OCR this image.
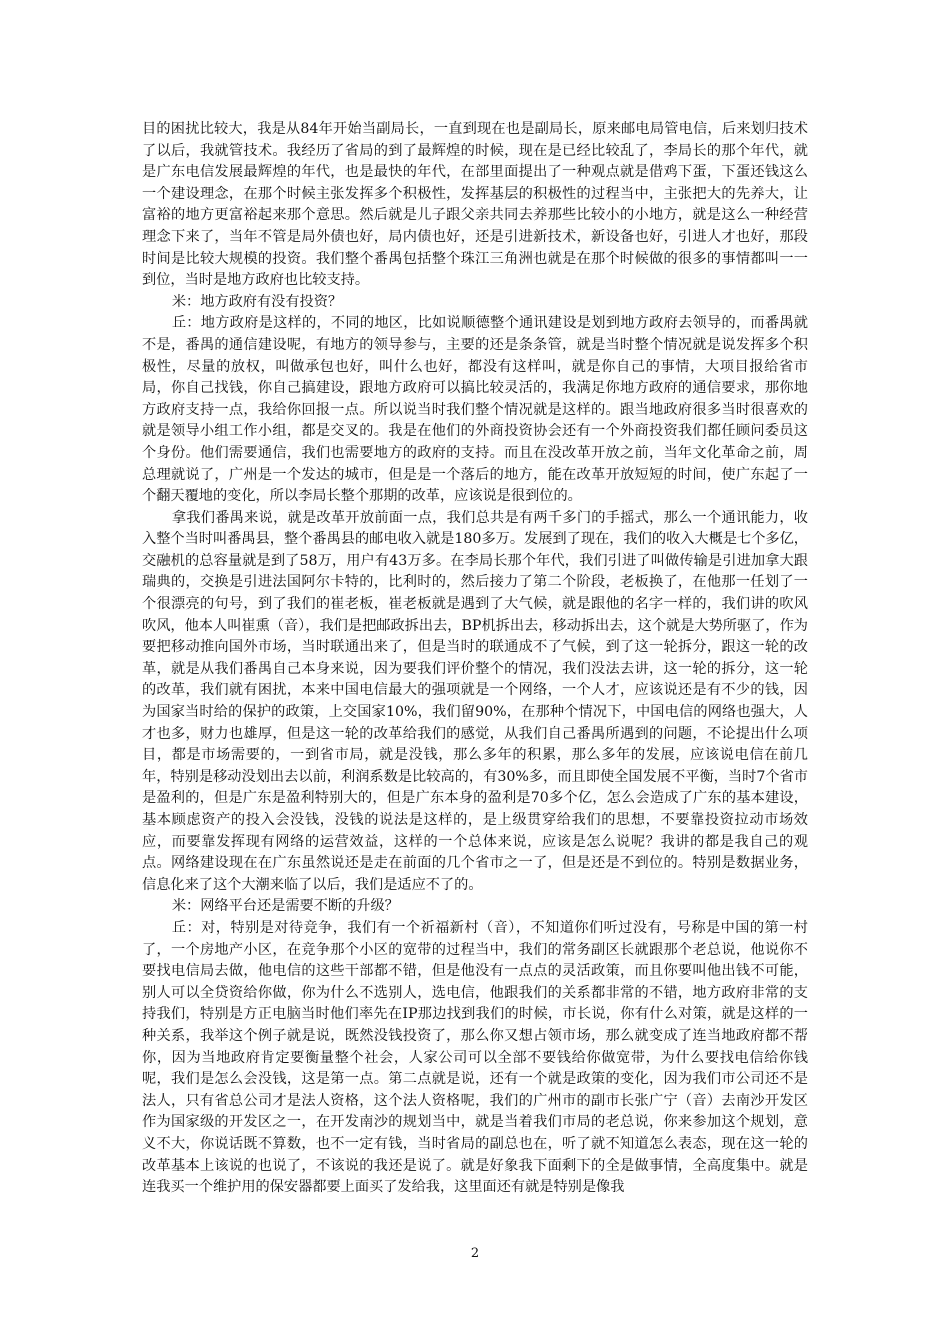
目的困扰比较大，我是从84年开始当副局长，一直到现在也是副局长，原来邮电局管电信，后来划归技术了以后，我就管技术。我经历了省局的到了最辉煌的时候，现在是已经比较乱了，李局长的那个年代，就是广东电信发展最辉煌的年代，也是最快的年代，在部里面提出了一种观点就是借鸡下蛋，下蛋还钱这么一个建设理念，在那个时候主张发挥多个积极性，发挥基层的积极性的过程当中，主张把大的先养大，让富裕的地方更富裕起来那个意思。然后就是儿子跟父亲共同去养那些比较小的小地方，就是这么一种经营理念下来了，当年不管是局外债也好，局内债也好，还是引进新技术，新设备也好，引进人才也好，那段时间是比较大规模的投资。我们整个番禺包括整个珠江三角洲也就是在那个时候做的很多的事情都叫一一到位，当时是地方政府也比较支持。

米：地方政府有没有投资？

丘：地方政府是这样的，不同的地区，比如说顺德整个通讯建设是划到地方政府去领导的，而番禺就不是，番禺的通信建设呢，有地方的领导参与，主要的还是条条管，就是当时整个情况就是说发挥多个积极性，尽量的放权，叫做承包也好，叫什么也好，都没有这样叫，就是你自己的事情，大项目报给省市局，你自己找钱，你自己搞建设，跟地方政府可以搞比较灵活的，我满足你地方政府的通信要求，那你地方政府支持一点，我给你回报一点。所以说当时我们整个情况就是这样的。跟当地政府很多当时很喜欢的就是领导小组工作小组，都是交叉的。我是在他们的外商投资协会还有一个外商投资我们都任顾问委员这个身份。他们需要通信，我们也需要地方的政府的支持。而且在没改革开放之前，当年文化革命之前，周总理就说了，广州是一个发达的城市，但是是一个落后的地方，能在改革开放短短的时间，使广东起了一个翻天覆地的变化，所以李局长整个那期的改革，应该说是很到位的。

拿我们番禺来说，就是改革开放前面一点，我们总共是有两千多门的手摇式，那么一个通讯能力，收入整个当时叫番禺县，整个番禺县的邮电收入就是180多万。发展到了现在，我们的收入大概是七个多亿，交融机的总容量就是到了58万，用户有43万多。在李局长那个年代，我们引进了叫做传输是引进加拿大跟瑞典的，交换是引进法国阿尔卡特的，比利时的，然后接力了第二个阶段，老板换了，在他那一任划了一个很漂亮的句号，到了我们的崔老板，崔老板就是遇到了大气候，就是跟他的名字一样的，我们讲的吹风吹风，他本人叫崔熏（音），我们是把邮政拆出去，BP机拆出去，移动拆出去，这个就是大势所驱了，作为要把移动推向国外市场，当时联通出来了，但是当时的联通成不了气候，到了这一轮拆分，跟这一轮的改革，就是从我们番禺自己本身来说，因为要我们评价整个的情况，我们没法去讲，这一轮的拆分，这一轮的改革，我们就有困扰，本来中国电信最大的强项就是一个网络，一个人才，应该说还是有不少的钱，因为国家当时给的保护的政策，上交国家10%，我们留90%，在那种个情况下，中国电信的网络也强大，人才也多，财力也雄厚，但是这一轮的改革给我们的感觉，从我们自己番禺所遇到的问题，不论提出什么项目，都是市场需要的，一到省市局，就是没钱，那么多年的积累，那么多年的发展，应该说电信在前几年，特别是移动没划出去以前，利润系数是比较高的，有30%多，而且即使全国发展不平衡，当时7个省市是盈利的，但是广东是盈利特别大的，但是广东本身的盈利是70多个亿，怎么会造成了广东的基本建设，基本顾虑资产的投入会没钱，没钱的说法是这样的，是上级贯穿给我们的思想，不要靠投资拉动市场效应，而要靠发挥现有网络的运营效益，这样的一个总体来说，应该是怎么说呢？我讲的都是我自己的观点。网络建设现在在广东虽然说还是走在前面的几个省市之一了，但是还是不到位的。特别是数据业务，信息化来了这个大潮来临了以后，我们是适应不了的。

米：网络平台还是需要不断的升级？

丘：对，特别是对待竞争，我们有一个祈福新村（音），不知道你们听过没有，号称是中国的第一村了，一个房地产小区，在竞争那个小区的宽带的过程当中，我们的常务副区长就跟那个老总说，他说你不要找电信局去做，他电信的这些干部都不错，但是他没有一点点的灵活政策，而且你要叫他出钱不可能，别人可以全贷资给你做，你为什么不选别人，选电信，他跟我们的关系都非常的不错，地方政府非常的支持我们，特别是方正电脑当时他们率先在IP那边找到我们的时候，市长说，你有什么对策，就是这样的一种关系，我举这个例子就是说，既然没钱投资了，那么你又想占领市场，那么就变成了连当地政府都不帮你，因为当地政府肯定要衡量整个社会，人家公司可以全部不要钱给你做宽带，为什么要找电信给你钱呢，我们是怎么会没钱，这是第一点。第二点就是说，还有一个就是政策的变化，因为我们市公司还不是法人，只有省总公司才是法人资格，这个法人资格呢，我们的广州市的副市长张广宁（音）去南沙开发区作为国家级的开发区之一，在开发南沙的规划当中，就是当着我们市局的老总说，你来参加这个规划，意义不大，你说话既不算数，也不一定有钱，当时省局的副总也在，听了就不知道怎么表态，现在这一轮的改革基本上该说的也说了，不该说的我还是说了。就是好象我下面剩下的全是做事情，全高度集中。就是连我买一个维护用的保安器都要上面买了发给我，这里面还有就是特别是像我

2
